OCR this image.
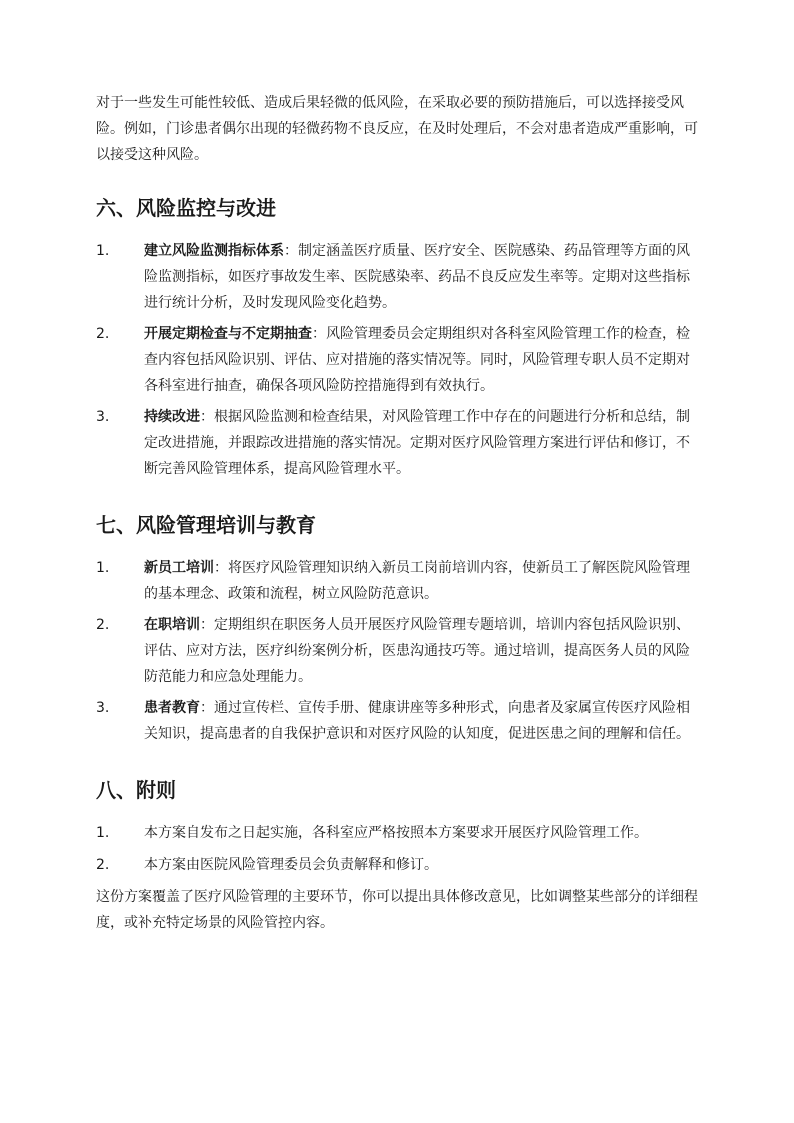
对于一些发生可能性较低、造成后果轻微的低风险，在采取必要的预防措施后，可以选择接受风险。例如，门诊患者偶尔出现的轻微药物不良反应，在及时处理后，不会对患者造成严重影响，可以接受这种风险。

六、风险监控与改进
1. 建立风险监测指标体系：制定涵盖医疗质量、医疗安全、医院感染、药品管理等方面的风险监测指标，如医疗事故发生率、医院感染率、药品不良反应发生率等。定期对这些指标进行统计分析，及时发现风险变化趋势。
2. 开展定期检查与不定期抽查：风险管理委员会定期组织对各科室风险管理工作的检查，检查内容包括风险识别、评估、应对措施的落实情况等。同时，风险管理专职人员不定期对各科室进行抽查，确保各项风险防控措施得到有效执行。
3. 持续改进：根据风险监测和检查结果，对风险管理工作中存在的问题进行分析和总结，制定改进措施，并跟踪改进措施的落实情况。定期对医疗风险管理方案进行评估和修订，不断完善风险管理体系，提高风险管理水平。
七、风险管理培训与教育
1. 新员工培训：将医疗风险管理知识纳入新员工岗前培训内容，使新员工了解医院风险管理的基本理念、政策和流程，树立风险防范意识。
2. 在职培训：定期组织在职医务人员开展医疗风险管理专题培训，培训内容包括风险识别、评估、应对方法，医疗纠纷案例分析，医患沟通技巧等。通过培训，提高医务人员的风险防范能力和应急处理能力。
3. 患者教育：通过宣传栏、宣传手册、健康讲座等多种形式，向患者及家属宣传医疗风险相关知识，提高患者的自我保护意识和对医疗风险的认知度，促进医患之间的理解和信任。
八、附则
1. 本方案自发布之日起实施，各科室应严格按照本方案要求开展医疗风险管理工作。
2. 本方案由医院风险管理委员会负责解释和修订。

这份方案覆盖了医疗风险管理的主要环节，你可以提出具体修改意见，比如调整某些部分的详细程度，或补充特定场景的风险管控内容。
